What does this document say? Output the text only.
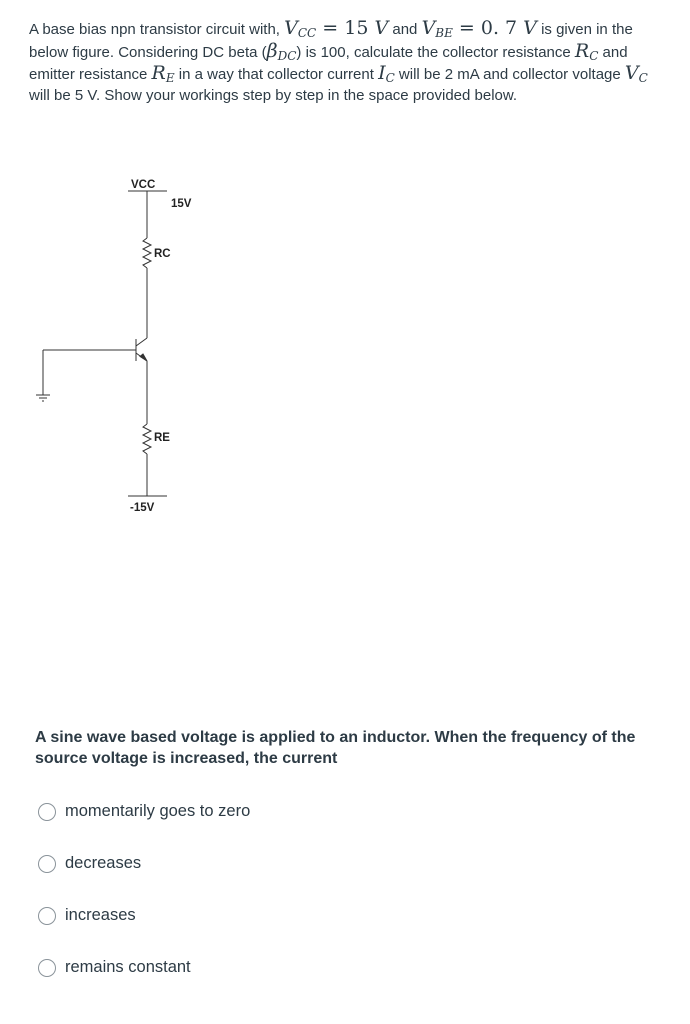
A base bias npn transistor circuit with, $V_{CC} = 15$ V and $V_{BE} = 0$. 7 V is given in the below figure. Considering DC beta $(\beta_{DC})$ is 100, calculate the collector resistance $R_C$ and emitter resistance $R_E$ in a way that collector current $I_C$ will be 2 mA and collector voltage $V_C$ will be 5 V. Show your workings step by step in the space provided below.
VCC
15V
RC
RE
-15V
A sine wave based voltage is applied to an inductor. When the frequency of the source voltage is increased, the current
momentarily goes to zero
decreases
increases
remains constant
